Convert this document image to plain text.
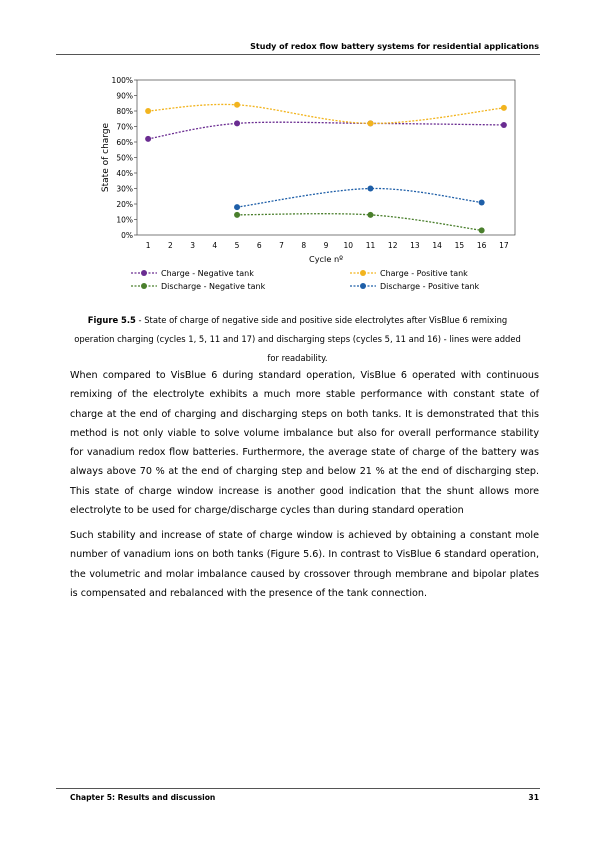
Study of redox flow battery systems for residential applications
0%
10%
20%
30%
40%
50%
60%
70%
80%
90%
100%
1 2 3 4 5 6 7 8 9 10 11 12 13 14 15 16 17
Cycle nº
State of charge
Charge - Negative tank	Charge - Positive tank
Discharge - Negative tank	Discharge - Positive tank
Figure 5.5 - State of charge of negative side and positive side electrolytes after VisBlue 6 remixing operation charging (cycles 1, 5, 11 and 17) and discharging steps (cycles 5, 11 and 16) - lines were added for readability.

When compared to VisBlue 6 during standard operation, VisBlue 6 operated with continuous remixing of the electrolyte exhibits a much more stable performance with constant state of charge at the end of charging and discharging steps on both tanks. It is demonstrated that this method is not only viable to solve volume imbalance but also for overall performance stability for vanadium redox flow batteries. Furthermore, the average state of charge of the battery was always above 70 % at the end of charging step and below 21 % at the end of discharging step. This state of charge window increase is another good indication that the shunt allows more electrolyte to be used for charge/discharge cycles than during standard operation

Such stability and increase of state of charge window is achieved by obtaining a constant mole number of vanadium ions on both tanks (Figure 5.6). In contrast to VisBlue 6 standard operation, the volumetric and molar imbalance caused by crossover through membrane and bipolar plates is compensated and rebalanced with the presence of the tank connection.

Chapter 5: Results and discussion	31
